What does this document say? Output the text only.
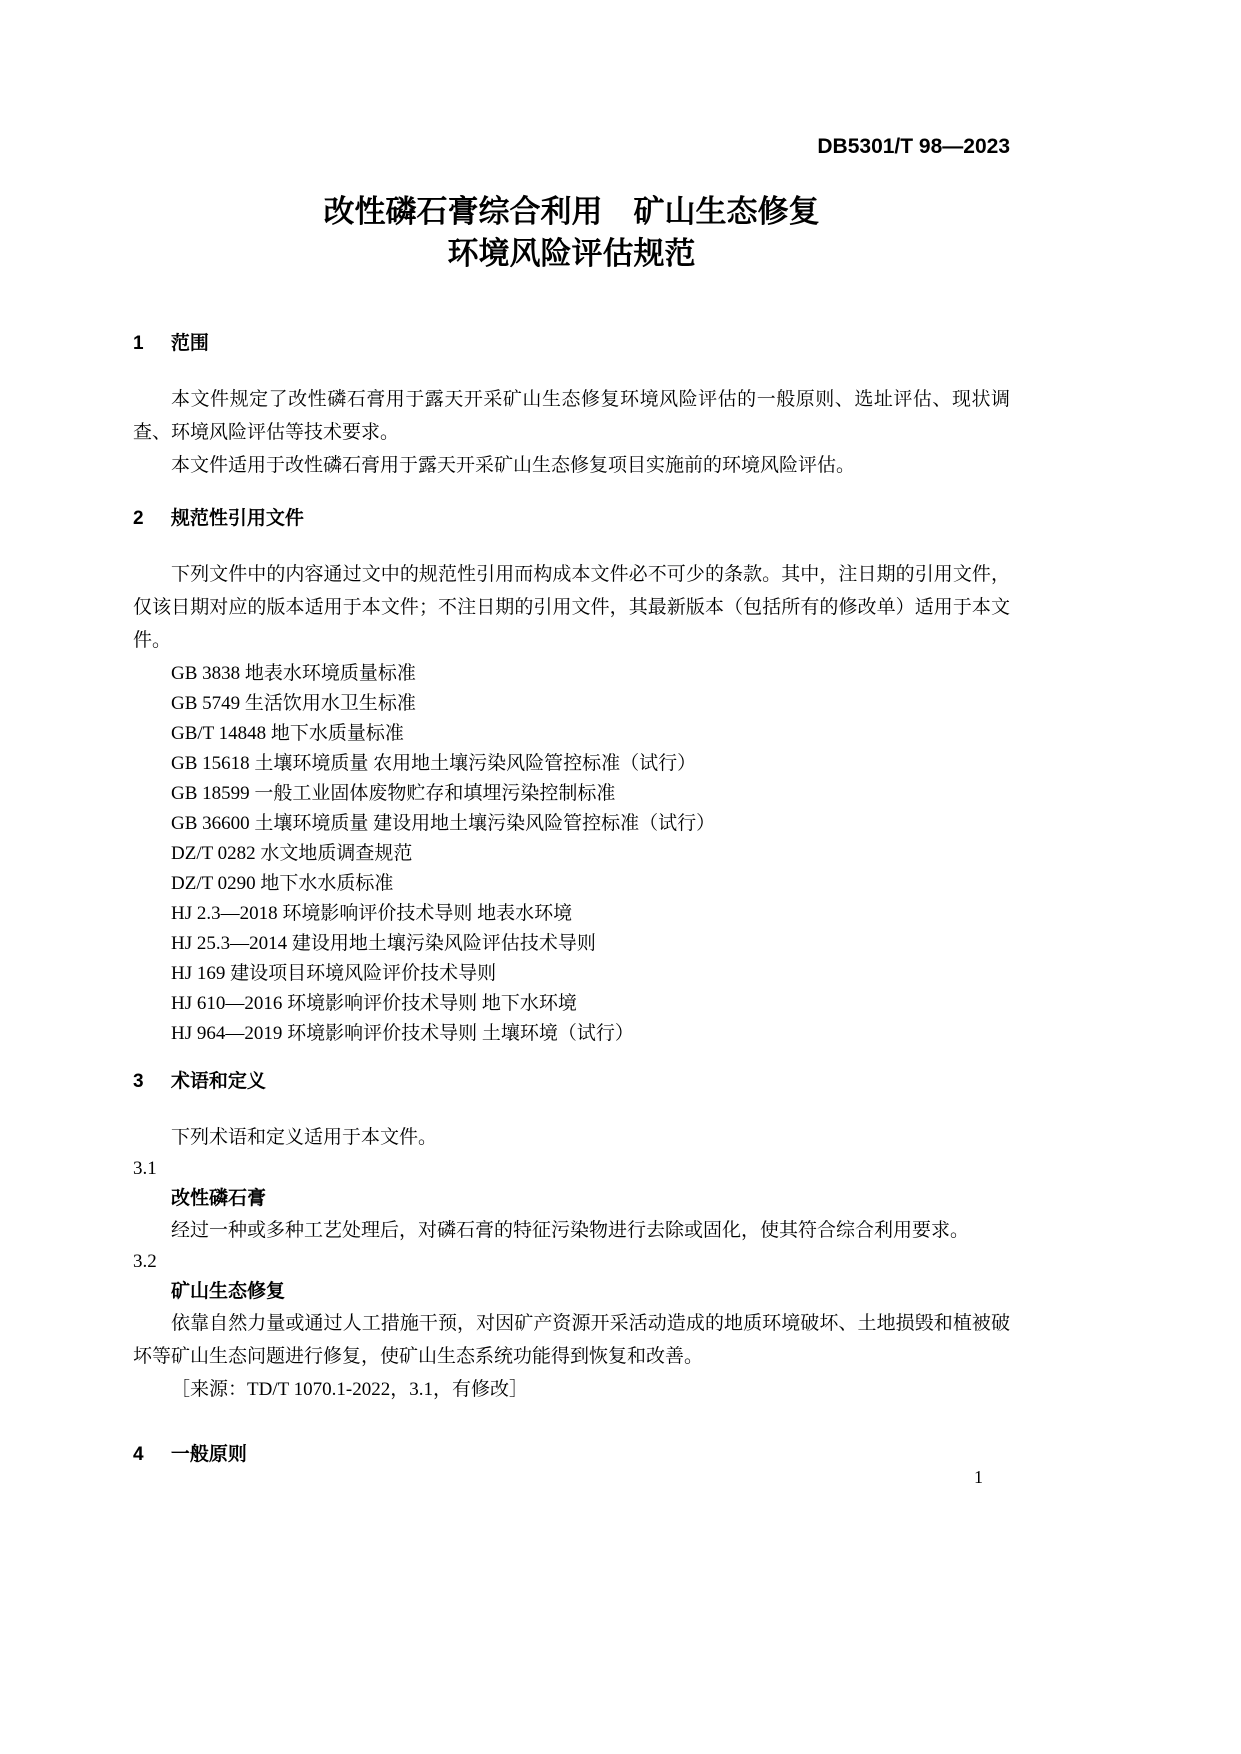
DB5301/T 98—2023
改性磷石膏综合利用　矿山生态修复
环境风险评估规范
1 范围

本文件规定了改性磷石膏用于露天开采矿山生态修复环境风险评估的一般原则、选址评估、现状调查、环境风险评估等技术要求。

本文件适用于改性磷石膏用于露天开采矿山生态修复项目实施前的环境风险评估。

2 规范性引用文件

下列文件中的内容通过文中的规范性引用而构成本文件必不可少的条款。其中，注日期的引用文件，仅该日期对应的版本适用于本文件；不注日期的引用文件，其最新版本（包括所有的修改单）适用于本文件。

GB 3838 地表水环境质量标准
GB 5749 生活饮用水卫生标准
GB/T 14848 地下水质量标准
GB 15618 土壤环境质量 农用地土壤污染风险管控标准（试行）
GB 18599 一般工业固体废物贮存和填埋污染控制标准
GB 36600 土壤环境质量 建设用地土壤污染风险管控标准（试行）
DZ/T 0282 水文地质调查规范
DZ/T 0290 地下水水质标准
HJ 2.3—2018 环境影响评价技术导则 地表水环境
HJ 25.3—2014 建设用地土壤污染风险评估技术导则
HJ 169 建设项目环境风险评价技术导则
HJ 610—2016 环境影响评价技术导则 地下水环境
HJ 964—2019 环境影响评价技术导则 土壤环境（试行）
3 术语和定义

下列术语和定义适用于本文件。

3.1
改性磷石膏

经过一种或多种工艺处理后，对磷石膏的特征污染物进行去除或固化，使其符合综合利用要求。

3.2
矿山生态修复

依靠自然力量或通过人工措施干预，对因矿产资源开采活动造成的地质环境破坏、土地损毁和植被破坏等矿山生态问题进行修复，使矿山生态系统功能得到恢复和改善。

［来源：TD/T 1070.1-2022，3.1，有修改］
4 一般原则
1
